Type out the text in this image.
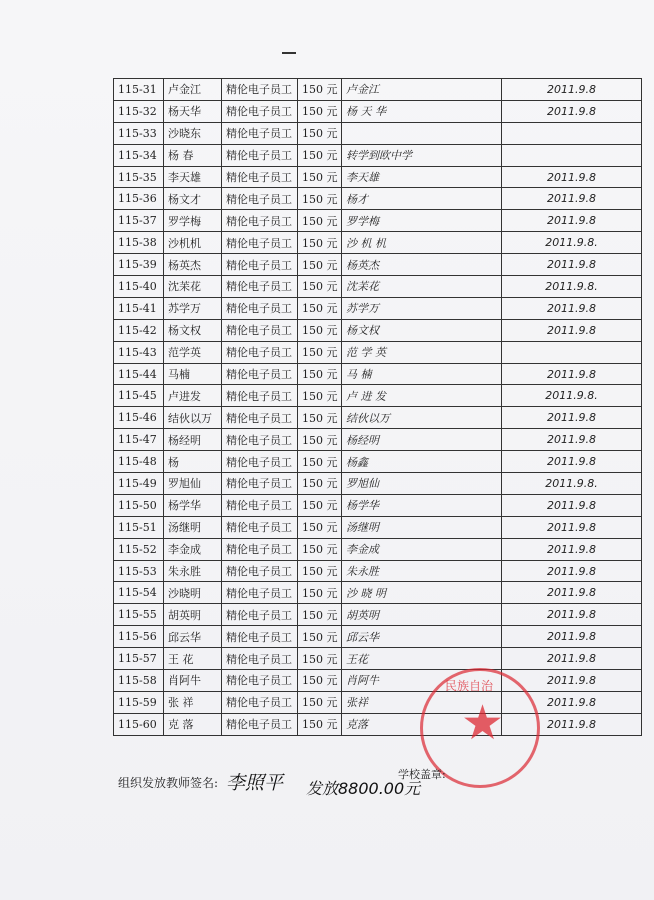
115-31	卢金江	精伦电子员工	150 元	卢金江	2011.9.8
115-32	杨天华	精伦电子员工	150 元	杨 天 华	2011.9.8
115-33	沙晓东	精伦电子员工	150 元		
115-34	杨 春	精伦电子员工	150 元	转学到欧中学	
115-35	李天雄	精伦电子员工	150 元	李天雄	2011.9.8
115-36	杨文才	精伦电子员工	150 元	杨才	2011.9.8
115-37	罗学梅	精伦电子员工	150 元	罗学梅	2011.9.8
115-38	沙机机	精伦电子员工	150 元	沙 机 机	2011.9.8.
115-39	杨英杰	精伦电子员工	150 元	杨英杰	2011.9.8
115-40	沈苿花	精伦电子员工	150 元	沈苿花	2011.9.8.
115-41	苏学万	精伦电子员工	150 元	苏学万	2011.9.8
115-42	杨文权	精伦电子员工	150 元	杨文权	2011.9.8
115-43	范学英	精伦电子员工	150 元	范 学 英	
115-44	马楠	精伦电子员工	150 元	马 楠	2011.9.8
115-45	卢进发	精伦电子员工	150 元	卢 进 发	2011.9.8.
115-46	结伙以万	精伦电子员工	150 元	结伙以万	2011.9.8
115-47	杨经明	精伦电子员工	150 元	杨经明	2011.9.8
115-48	杨	精伦电子员工	150 元	杨鑫	2011.9.8
115-49	罗旭仙	精伦电子员工	150 元	罗旭仙	2011.9.8.
115-50	杨学华	精伦电子员工	150 元	杨学华	2011.9.8
115-51	汤继明	精伦电子员工	150 元	汤继明	2011.9.8
115-52	李金成	精伦电子员工	150 元	李金成	2011.9.8
115-53	朱永胜	精伦电子员工	150 元	朱永胜	2011.9.8
115-54	沙晓明	精伦电子员工	150 元	沙 晓 明	2011.9.8
115-55	胡英明	精伦电子员工	150 元	胡英明	2011.9.8
115-56	邱云华	精伦电子员工	150 元	邱云华	2011.9.8
115-57	王 花	精伦电子员工	150 元	王花	2011.9.8
115-58	肖阿牛	精伦电子员工	150 元	肖阿牛	2011.9.8
115-59	张 祥	精伦电子员工	150 元	张祥	2011.9.8
115-60	克 落	精伦电子员工	150 元	克落	2011.9.8
民族自治
★
组织发放教师签名: 李照平 发放8800.00元
学校盖章:
